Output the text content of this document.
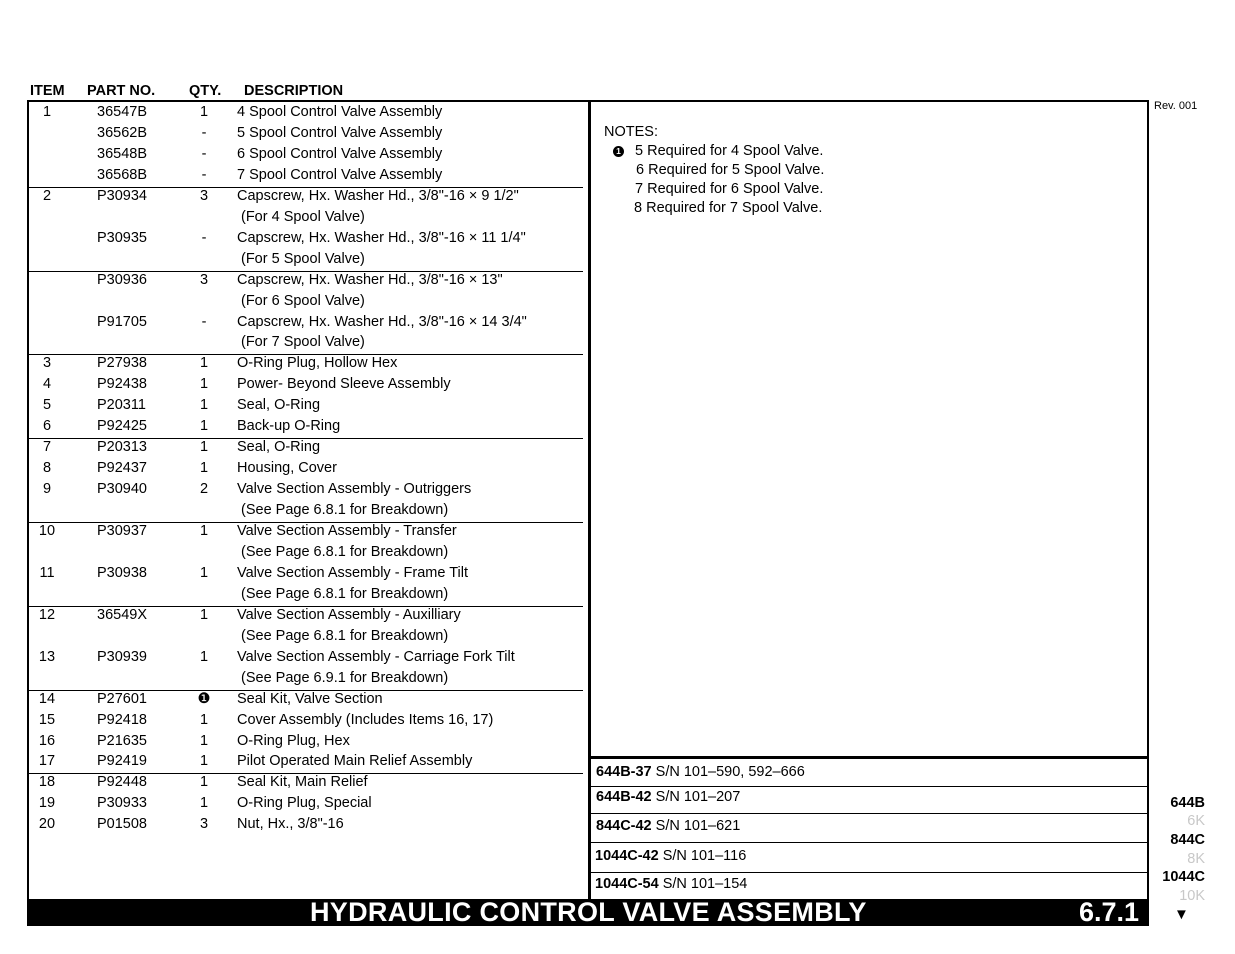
ITEM PART NO. QTY. DESCRIPTION
Rev. 001
1	36547B	1	4 Spool Control Valve Assembly
36562B	-	5 Spool Control Valve Assembly
36548B	-	6 Spool Control Valve Assembly
36568B	-	7 Spool Control Valve Assembly
2	P30934	3	Capscrew, Hx. Washer Hd., 3/8"-16 × 9 1/2"
(For 4 Spool Valve)
P30935	-	Capscrew, Hx. Washer Hd., 3/8"-16 × 11 1/4"
(For 5 Spool Valve)
P30936	3	Capscrew, Hx. Washer Hd., 3/8"-16 × 13"
(For 6 Spool Valve)
P91705	-	Capscrew, Hx. Washer Hd., 3/8"-16 × 14 3/4"
(For 7 Spool Valve)
3	P27938	1	O-Ring Plug, Hollow Hex
4	P92438	1	Power- Beyond Sleeve Assembly
5	P20311	1	Seal, O-Ring
6	P92425	1	Back-up O-Ring
7	P20313	1	Seal, O-Ring
8	P92437	1	Housing, Cover
9	P30940	2	Valve Section Assembly - Outriggers
(See Page 6.8.1 for Breakdown)
10	P30937	1	Valve Section Assembly - Transfer
(See Page 6.8.1 for Breakdown)
11	P30938	1	Valve Section Assembly - Frame Tilt
(See Page 6.8.1 for Breakdown)
12	36549X	1	Valve Section Assembly - Auxilliary
(See Page 6.8.1 for Breakdown)
13	P30939	1	Valve Section Assembly - Carriage Fork Tilt
(See Page 6.9.1 for Breakdown)
14	P27601	❶	Seal Kit, Valve Section
15	P92418	1	Cover Assembly (Includes Items 16, 17)
16	P21635	1	O-Ring Plug, Hex
17	P92419	1	Pilot Operated Main Relief Assembly
18	P92448	1	Seal Kit, Main Relief
19	P30933	1	O-Ring Plug, Special
20	P01508	3	Nut, Hx., 3/8"-16
NOTES:
1 5 Required for 4 Spool Valve.
6 Required for 5 Spool Valve.
7 Required for 6 Spool Valve.
8 Required for 7 Spool Valve.
644B-37 S/N 101–590, 592–666
644B-42 S/N 101–207
844C-42 S/N 101–621
1044C-42 S/N 101–116
1044C-54 S/N 101–154
HYDRAULIC CONTROL VALVE ASSEMBLY	6.7.1
644B
6K
844C
8K
1044C
10K
▼
